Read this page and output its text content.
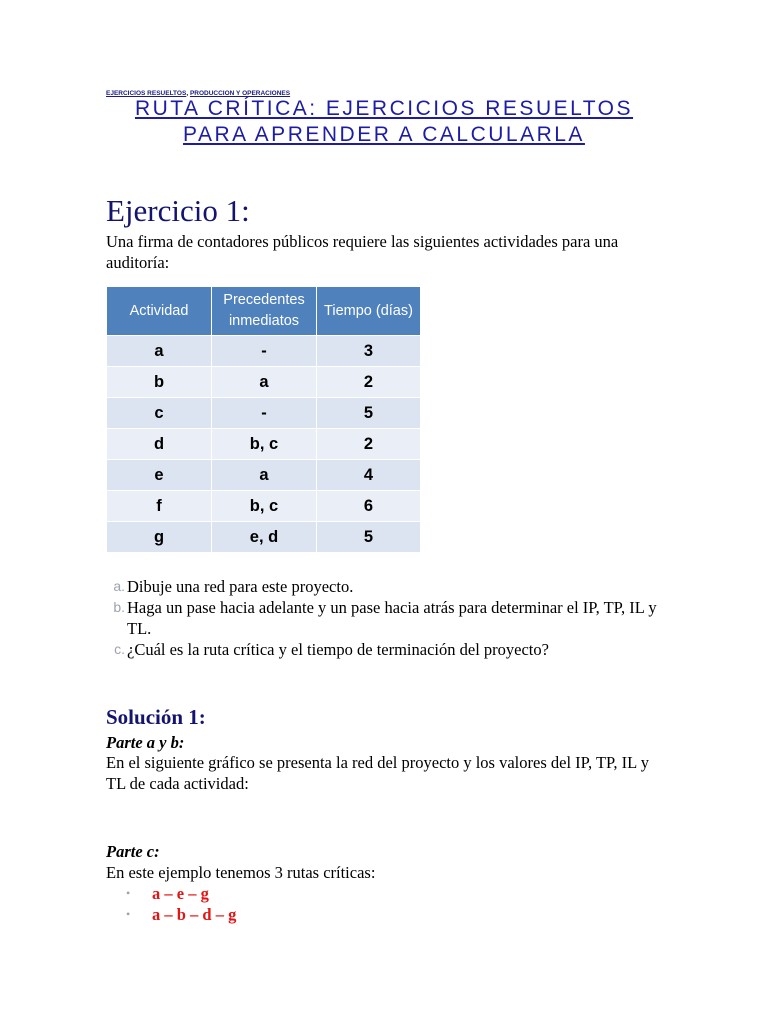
EJERCICIOS RESUELTOS, PRODUCCION Y OPERACIONES
RUTA CRÍTICA: EJERCICIOS RESUELTOS
PARA APRENDER A CALCULARLA
Ejercicio 1:
Una firma de contadores públicos requiere las siguientes actividades para una auditoría:
Actividad	Precedentes inmediatos	Tiempo (días)
a	-	3
b	a	2
c	-	5
d	b, c	2
e	a	4
f	b, c	6
g	e, d	5
a. Dibuje una red para este proyecto.
b. Haga un pase hacia adelante y un pase hacia atrás para determinar el IP, TP, IL y TL.
c. ¿Cuál es la ruta crítica y el tiempo de terminación del proyecto?
Solución 1:
Parte a y b:
En el siguiente gráfico se presenta la red del proyecto y los valores del IP, TP, IL y TL de cada actividad:
Parte c:
En este ejemplo tenemos 3 rutas críticas:
•	a – e – g
•	a – b – d – g
